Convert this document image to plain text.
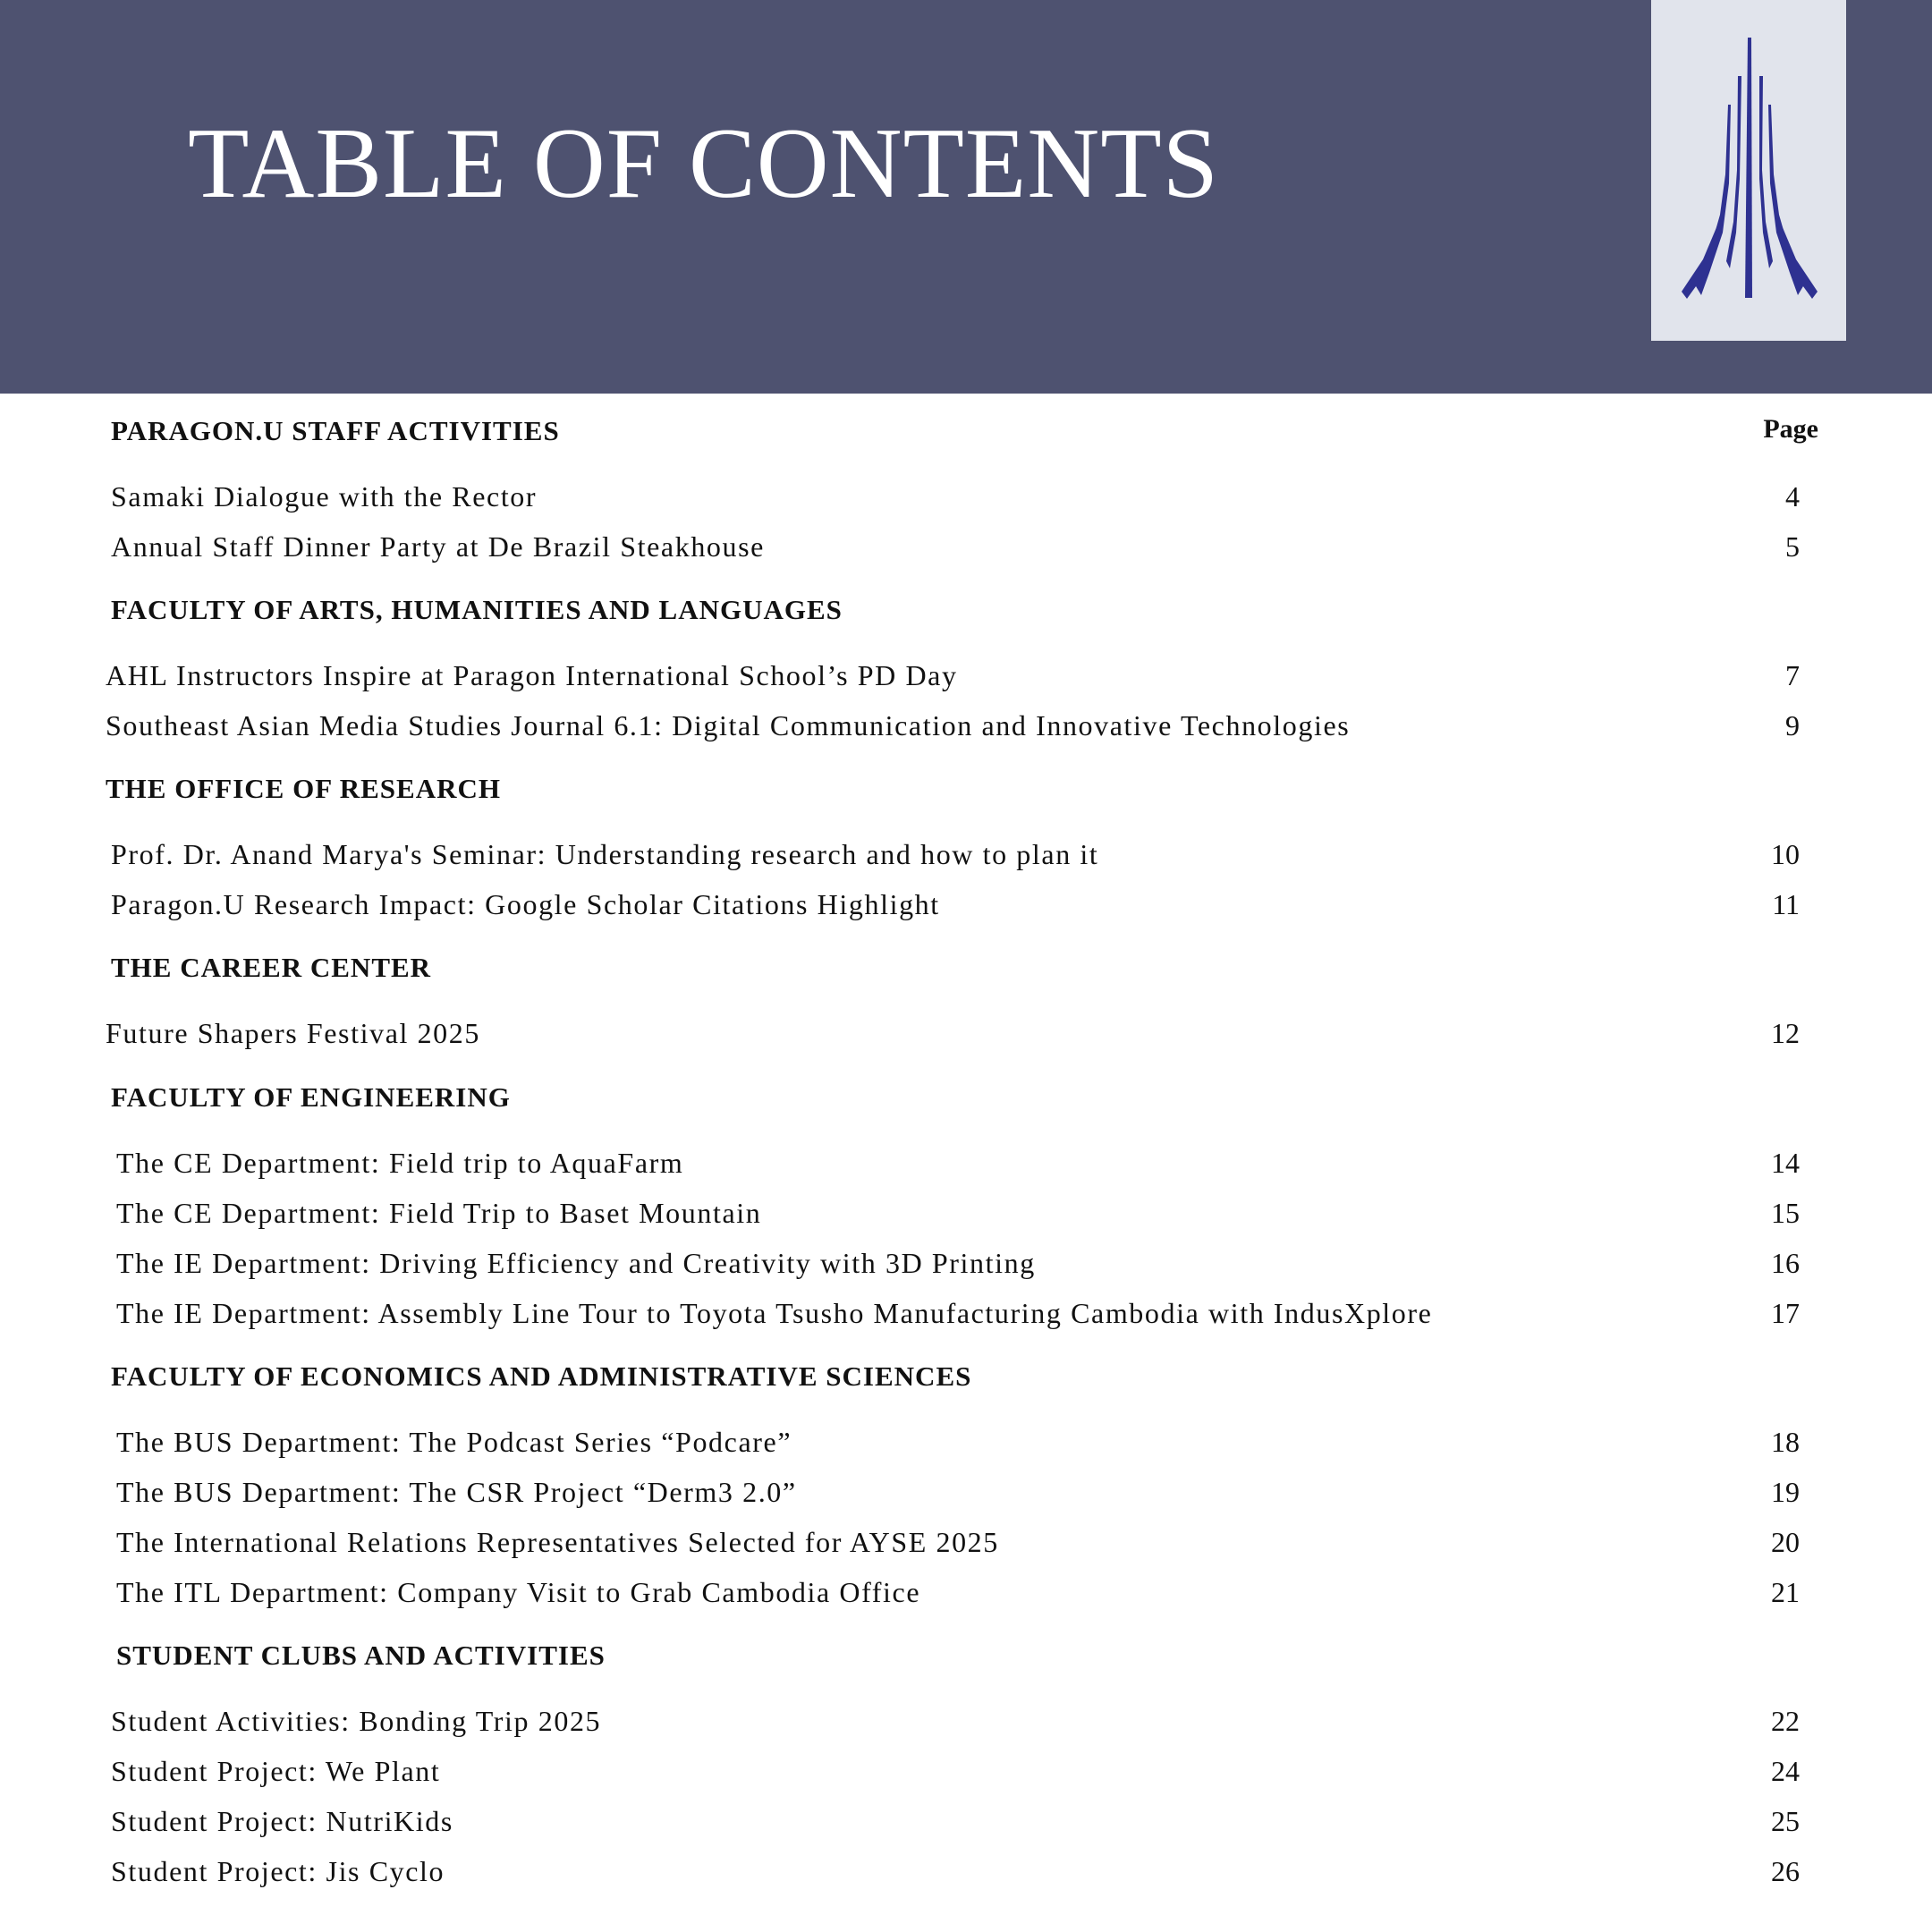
TABLE OF CONTENTS
Page
PARAGON.U STAFF ACTIVITIES
Samaki Dialogue with the Rector	4
Annual Staff Dinner Party at De Brazil Steakhouse	5
FACULTY OF ARTS, HUMANITIES AND LANGUAGES
AHL Instructors Inspire at Paragon International School’s PD Day	7
Southeast Asian Media Studies Journal 6.1: Digital Communication and Innovative Technologies	9
THE OFFICE OF RESEARCH
Prof. Dr. Anand Marya's Seminar: Understanding research and how to plan it	10
Paragon.U Research Impact: Google Scholar Citations Highlight	11
THE CAREER CENTER
Future Shapers Festival 2025	12
FACULTY OF ENGINEERING
The CE Department: Field trip to AquaFarm	14
The CE Department: Field Trip to Baset Mountain	15
The IE Department: Driving Efficiency and Creativity with 3D Printing	16
The IE Department: Assembly Line Tour to Toyota Tsusho Manufacturing Cambodia with IndusXplore	17
FACULTY OF ECONOMICS AND ADMINISTRATIVE SCIENCES
The BUS Department: The Podcast Series “Podcare”	18
The BUS Department: The CSR Project “Derm3 2.0”	19
The International Relations Representatives Selected for AYSE 2025	20
The ITL Department: Company Visit to Grab Cambodia Office	21
STUDENT CLUBS AND ACTIVITIES
Student Activities: Bonding Trip 2025	22
Student Project: We Plant	24
Student Project: NutriKids	25
Student Project: Jis Cyclo	26
